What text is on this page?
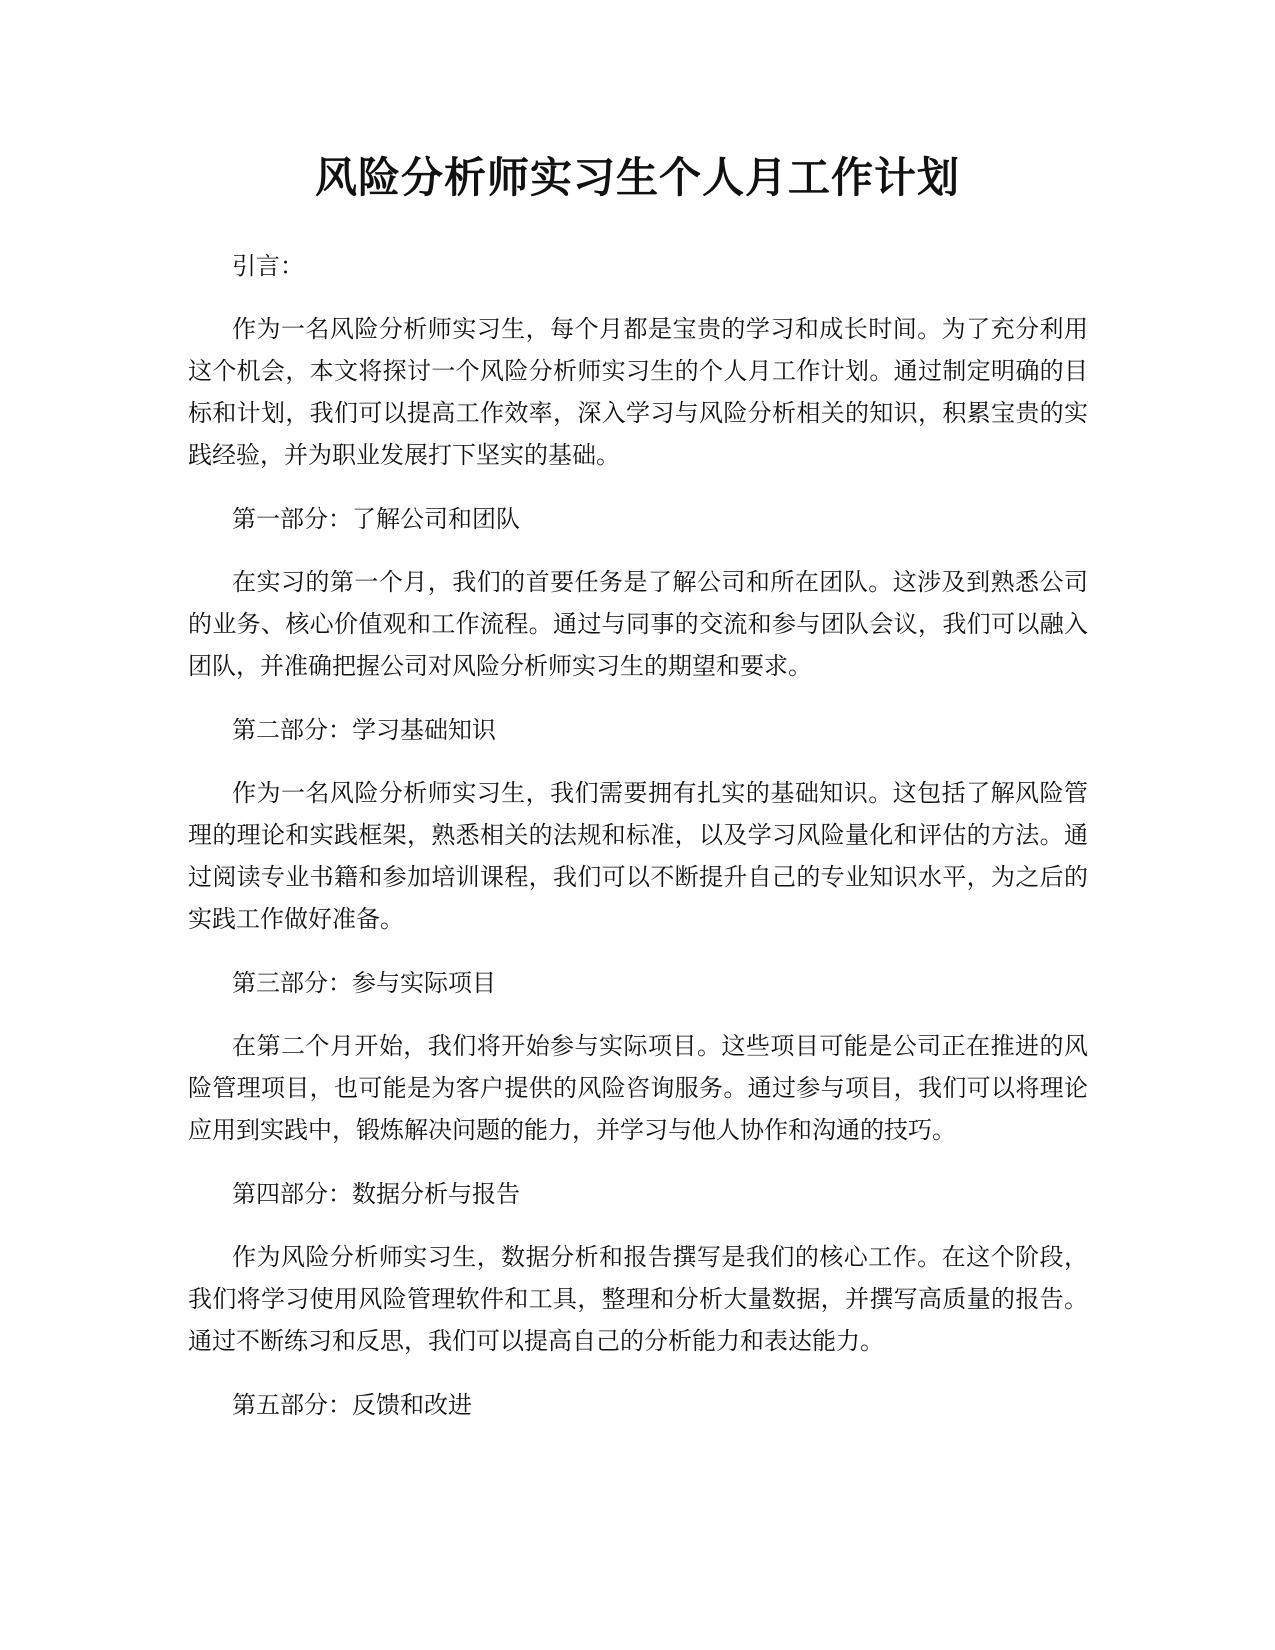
风险分析师实习生个人月工作计划

引言：

作为一名风险分析师实习生，每个月都是宝贵的学习和成长时间。为了充分利用这个机会，本文将探讨一个风险分析师实习生的个人月工作计划。通过制定明确的目标和计划，我们可以提高工作效率，深入学习与风险分析相关的知识，积累宝贵的实践经验，并为职业发展打下坚实的基础。

第一部分：了解公司和团队

在实习的第一个月，我们的首要任务是了解公司和所在团队。这涉及到熟悉公司的业务、核心价值观和工作流程。通过与同事的交流和参与团队会议，我们可以融入团队，并准确把握公司对风险分析师实习生的期望和要求。

第二部分：学习基础知识

作为一名风险分析师实习生，我们需要拥有扎实的基础知识。这包括了解风险管理的理论和实践框架，熟悉相关的法规和标准，以及学习风险量化和评估的方法。通过阅读专业书籍和参加培训课程，我们可以不断提升自己的专业知识水平，为之后的实践工作做好准备。

第三部分：参与实际项目

在第二个月开始，我们将开始参与实际项目。这些项目可能是公司正在推进的风险管理项目，也可能是为客户提供的风险咨询服务。通过参与项目，我们可以将理论应用到实践中，锻炼解决问题的能力，并学习与他人协作和沟通的技巧。

第四部分：数据分析与报告

作为风险分析师实习生，数据分析和报告撰写是我们的核心工作。在这个阶段，我们将学习使用风险管理软件和工具，整理和分析大量数据，并撰写高质量的报告。通过不断练习和反思，我们可以提高自己的分析能力和表达能力。

第五部分：反馈和改进
